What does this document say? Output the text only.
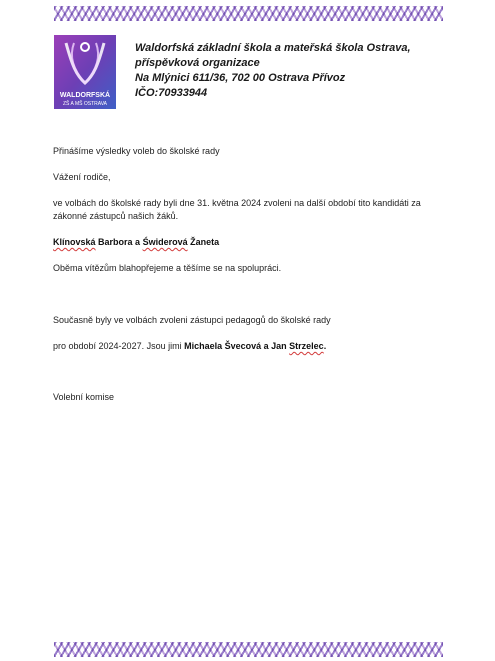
WALDORFSKÁ
ZŠ A MŠ OSTRAVA
Waldorfská základní škola a mateřská škola Ostrava,
příspěvková organizace
Na Mlýnici 611/36, 702 00 Ostrava Přívoz
IČO:70933944
Přinášíme výsledky voleb do školské rady
Vážení rodiče,
ve volbách do školské rady byli dne 31. května 2024 zvoleni na další období tito kandidáti za zákonné zástupců našich žáků.
Klínovská Barbora a Świderová Žaneta
Oběma vítězům blahopřejeme a těšíme se na spolupráci.
Současně byly ve volbách zvoleni zástupci pedagogů do školské rady
pro období 2024-2027. Jsou jimi Michaela Švecová a Jan Strzelec.
Volební komise
